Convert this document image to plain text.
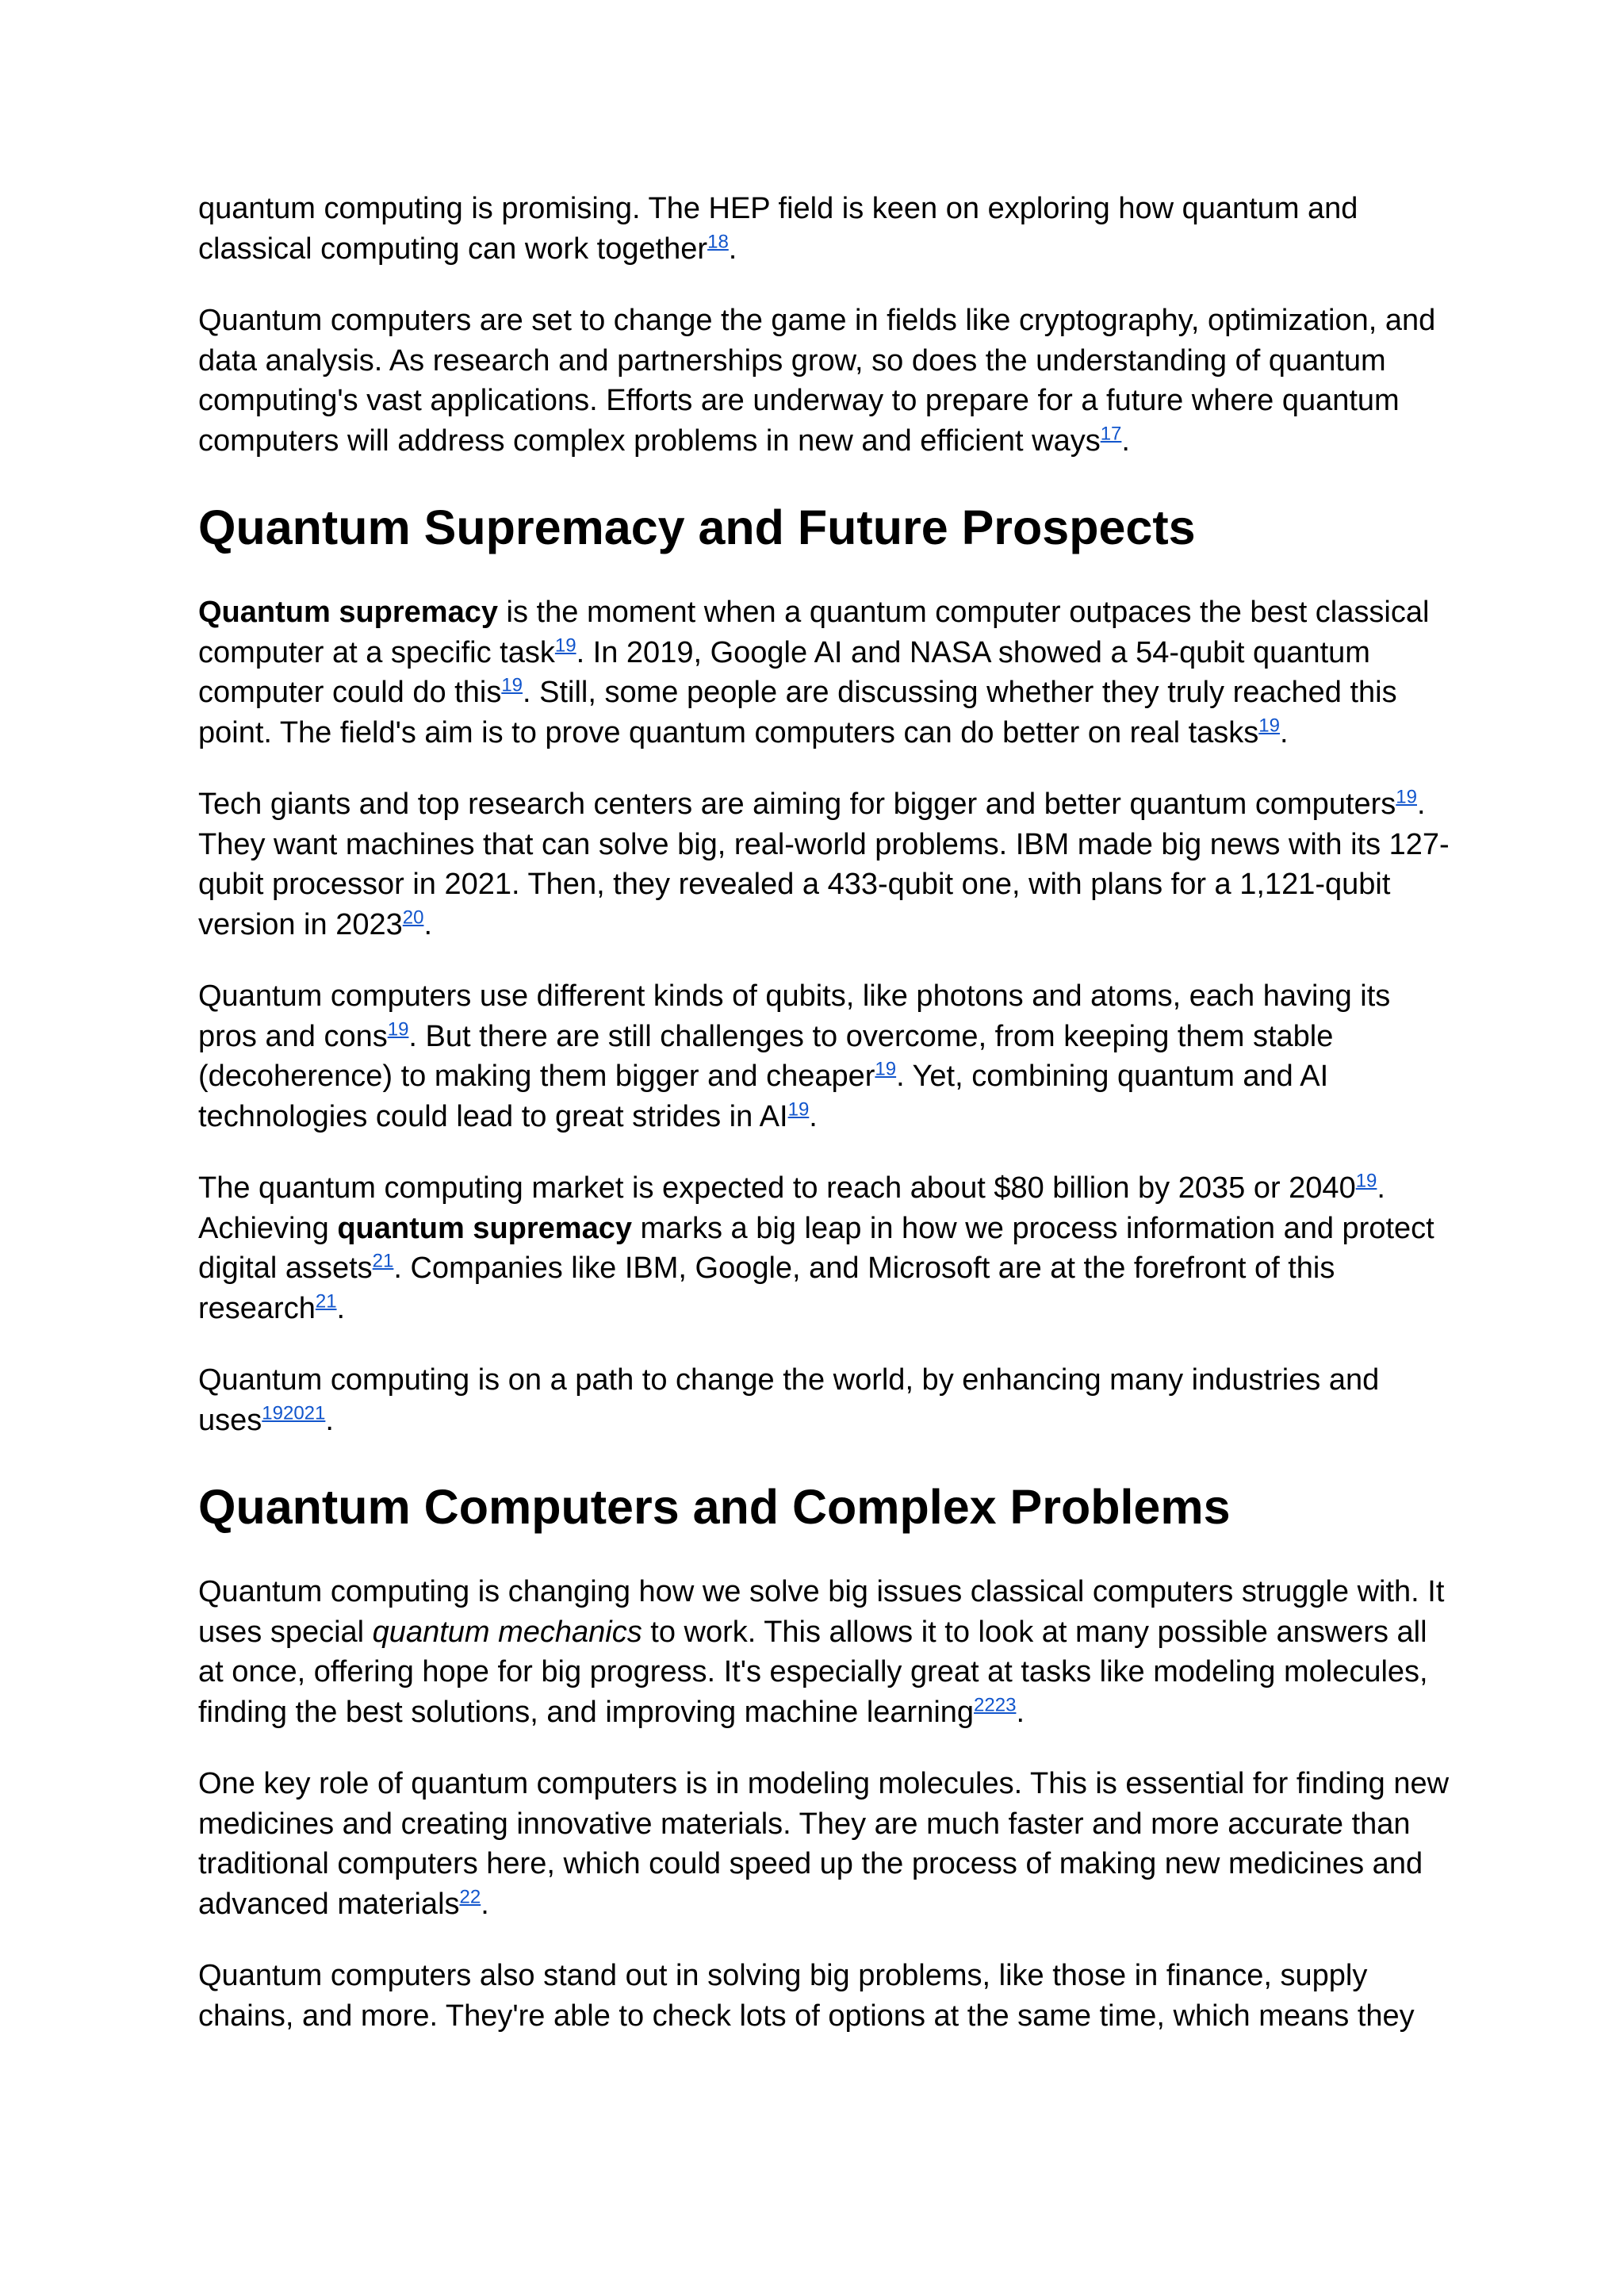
quantum computing is promising. The HEP field is keen on exploring how quantum and classical computing can work together$^{18}$.

Quantum computers are set to change the game in fields like cryptography, optimization, and data analysis. As research and partnerships grow, so does the understanding of quantum computing's vast applications. Efforts are underway to prepare for a future where quantum computers will address complex problems in new and efficient ways$^{17}$.

Quantum Supremacy and Future Prospects

Quantum supremacy is the moment when a quantum computer outpaces the best classical computer at a specific task$^{19}$. In 2019, Google AI and NASA showed a 54-qubit quantum computer could do this$^{19}$. Still, some people are discussing whether they truly reached this point. The field's aim is to prove quantum computers can do better on real tasks$^{19}$.

Tech giants and top research centers are aiming for bigger and better quantum computers$^{19}$. They want machines that can solve big, real-world problems. IBM made big news with its 127-qubit processor in 2021. Then, they revealed a 433-qubit one, with plans for a 1,121-qubit version in 2023$^{20}$.

Quantum computers use different kinds of qubits, like photons and atoms, each having its pros and cons$^{19}$. But there are still challenges to overcome, from keeping them stable (decoherence) to making them bigger and cheaper$^{19}$. Yet, combining quantum and AI technologies could lead to great strides in AI$^{19}$.

The quantum computing market is expected to reach about $80 billion by 2035 or 2040$^{19}$. Achieving quantum supremacy marks a big leap in how we process information and protect digital assets$^{21}$. Companies like IBM, Google, and Microsoft are at the forefront of this research$^{21}$.

Quantum computing is on a path to change the world, by enhancing many industries and uses$^{192021}$.

Quantum Computers and Complex Problems

Quantum computing is changing how we solve big issues classical computers struggle with. It uses special quantum mechanics to work. This allows it to look at many possible answers all at once, offering hope for big progress. It's especially great at tasks like modeling molecules, finding the best solutions, and improving machine learning$^{2223}$.

One key role of quantum computers is in modeling molecules. This is essential for finding new medicines and creating innovative materials. They are much faster and more accurate than traditional computers here, which could speed up the process of making new medicines and advanced materials$^{22}$.

Quantum computers also stand out in solving big problems, like those in finance, supply chains, and more. They're able to check lots of options at the same time, which means they
